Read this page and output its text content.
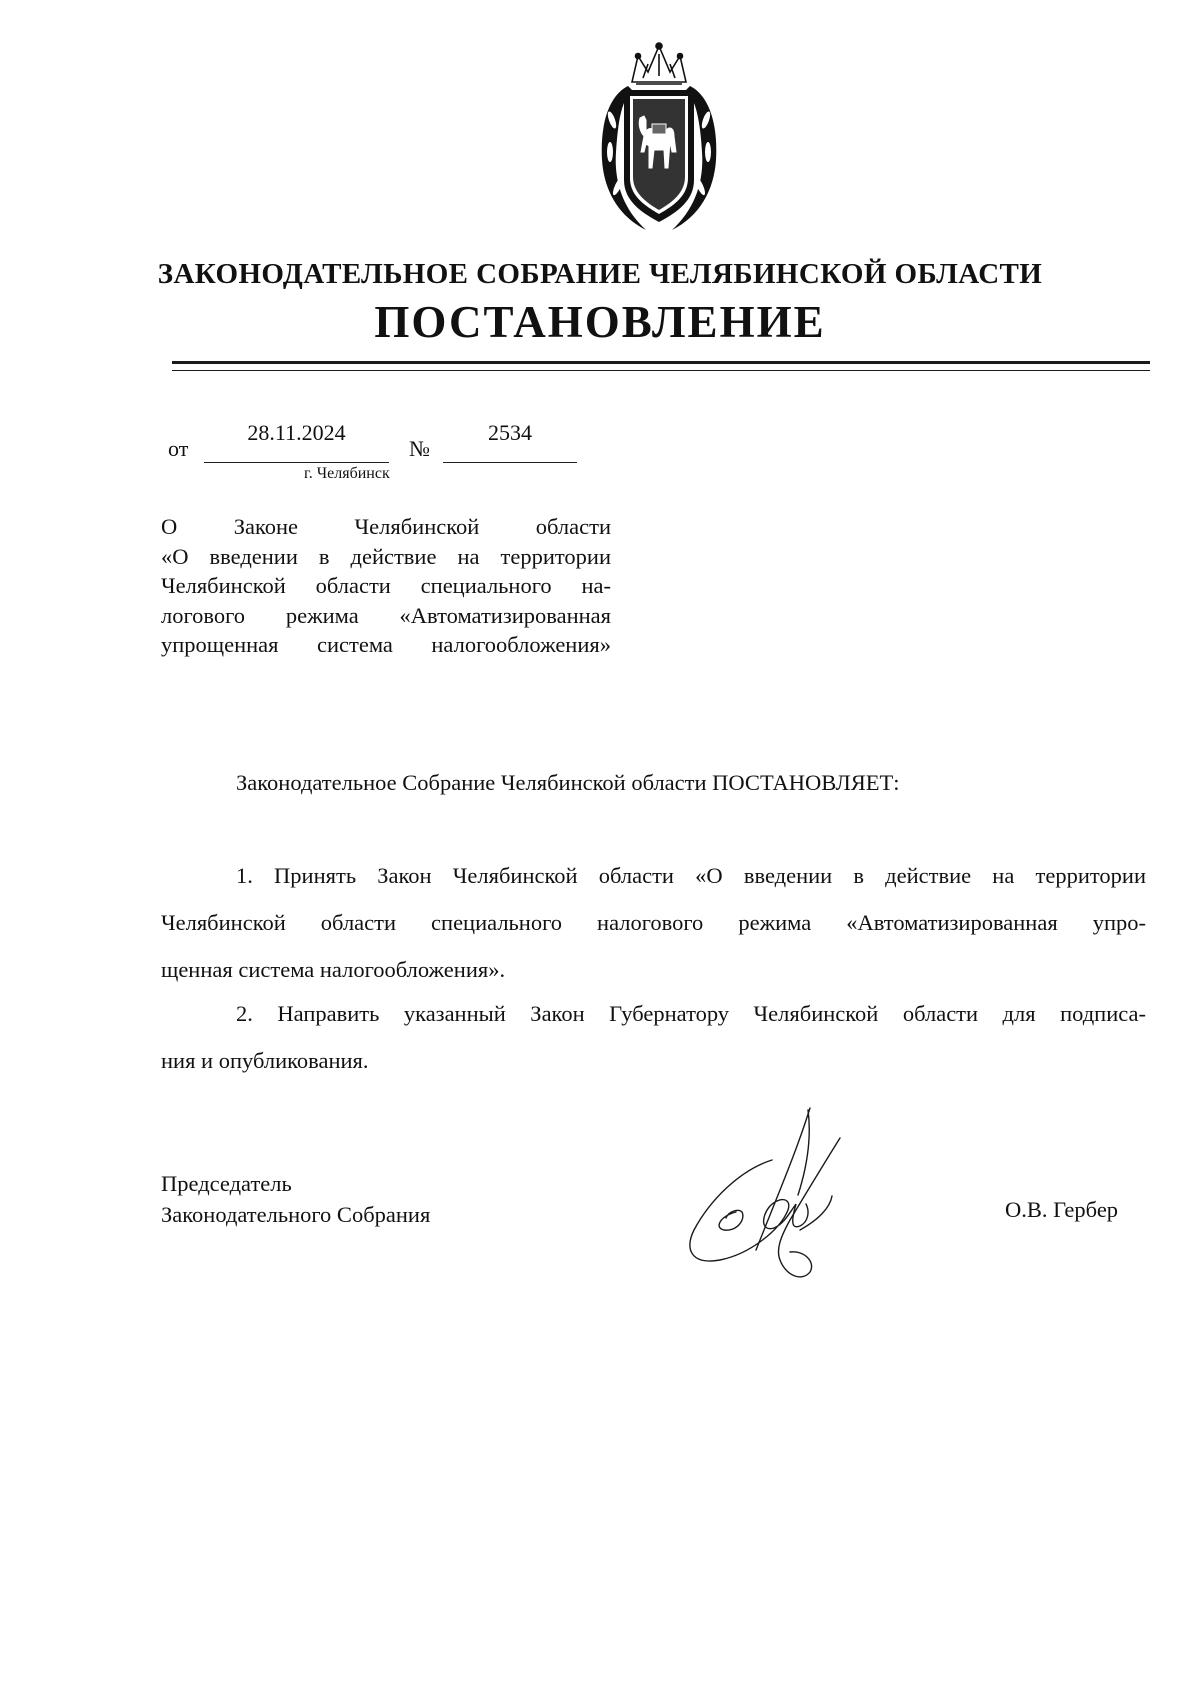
ЗАКОНОДАТЕЛЬНОЕ СОБРАНИЕ ЧЕЛЯБИНСКОЙ ОБЛАСТИ
ПОСТАНОВЛЕНИЕ
от
28.11.2024
№
2534
г. Челябинск
О Законе Челябинской области
«О введении в действие на территории
Челябинской области специального на-
логового режима «Автоматизированная
упрощенная система налогообложения»
Законодательное Собрание Челябинской области ПОСТАНОВЛЯЕТ:
1. Принять Закон Челябинской области «О введении в действие на территории
Челябинской области специального налогового режима «Автоматизированная упро-
щенная система налогообложения».
2. Направить указанный Закон Губернатору Челябинской области для подписа-
ния и опубликования.
Председатель
Законодательного Собрания	О.В. Гербер
